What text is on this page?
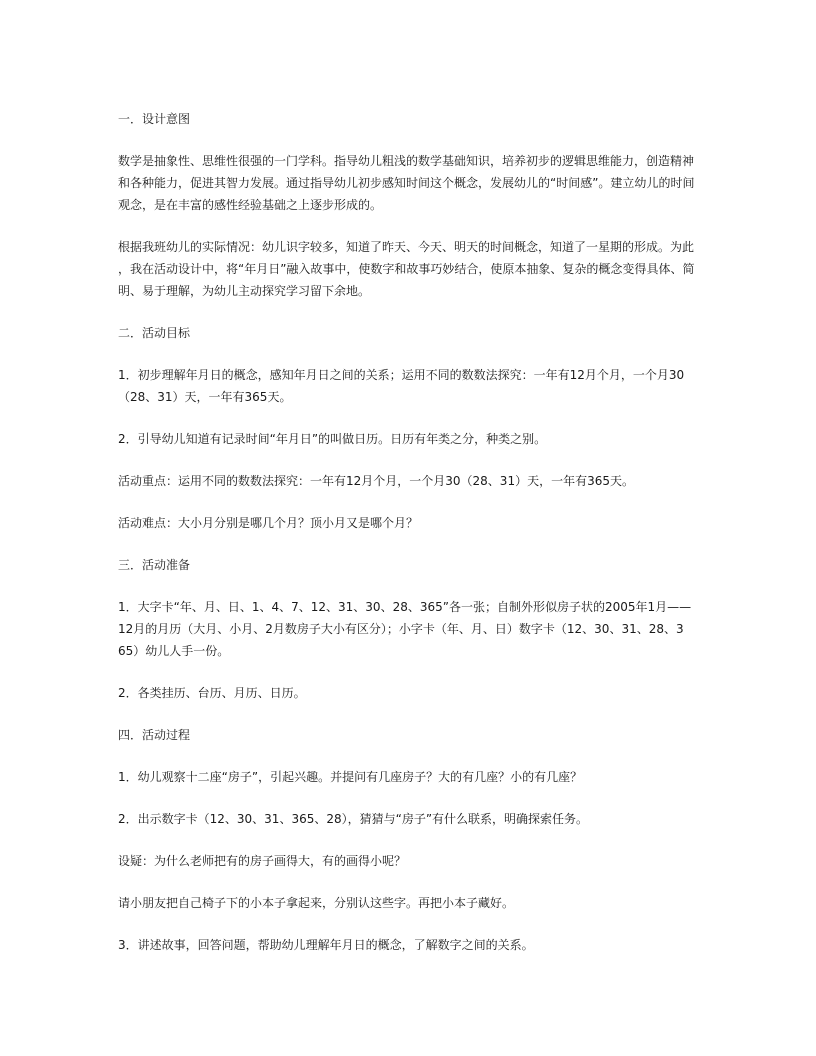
一．设计意图

数学是抽象性、思维性很强的一门学科。指导幼儿粗浅的数学基础知识，培养初步的逻辑思维能力，创造精神
和各种能力，促进其智力发展。通过指导幼儿初步感知时间这个概念，发展幼儿的“时间感”。建立幼儿的时间
观念，是在丰富的感性经验基础之上逐步形成的。

根据我班幼儿的实际情况：幼儿识字较多，知道了昨天、今天、明天的时间概念，知道了一星期的形成。为此
，我在活动设计中，将“年月日”融入故事中，使数字和故事巧妙结合，使原本抽象、复杂的概念变得具体、简
明、易于理解，为幼儿主动探究学习留下余地。

二．活动目标

1．初步理解年月日的概念，感知年月日之间的关系；运用不同的数数法探究：一年有12月个月，一个月30
（28、31）天，一年有365天。

2．引导幼儿知道有记录时间“年月日”的叫做日历。日历有年类之分，种类之别。

活动重点：运用不同的数数法探究：一年有12月个月，一个月30（28、31）天，一年有365天。

活动难点：大小月分别是哪几个月？顶小月又是哪个月？

三．活动准备

1．大字卡“年、月、日、1、4、7、12、31、30、28、365”各一张；自制外形似房子状的2005年1月——
12月的月历（大月、小月、2月数房子大小有区分）；小字卡（年、月、日）数字卡（12、30、31、28、3
65）幼儿人手一份。

2．各类挂历、台历、月历、日历。

四．活动过程

1．幼儿观察十二座“房子”，引起兴趣。并提问有几座房子？大的有几座？小的有几座？

2．出示数字卡（12、30、31、365、28），猜猜与“房子”有什么联系，明确探索任务。

设疑：为什么老师把有的房子画得大，有的画得小呢？

请小朋友把自己椅子下的小本子拿起来，分别认这些字。再把小本子藏好。

3．讲述故事，回答问题，帮助幼儿理解年月日的概念，了解数字之间的关系。
